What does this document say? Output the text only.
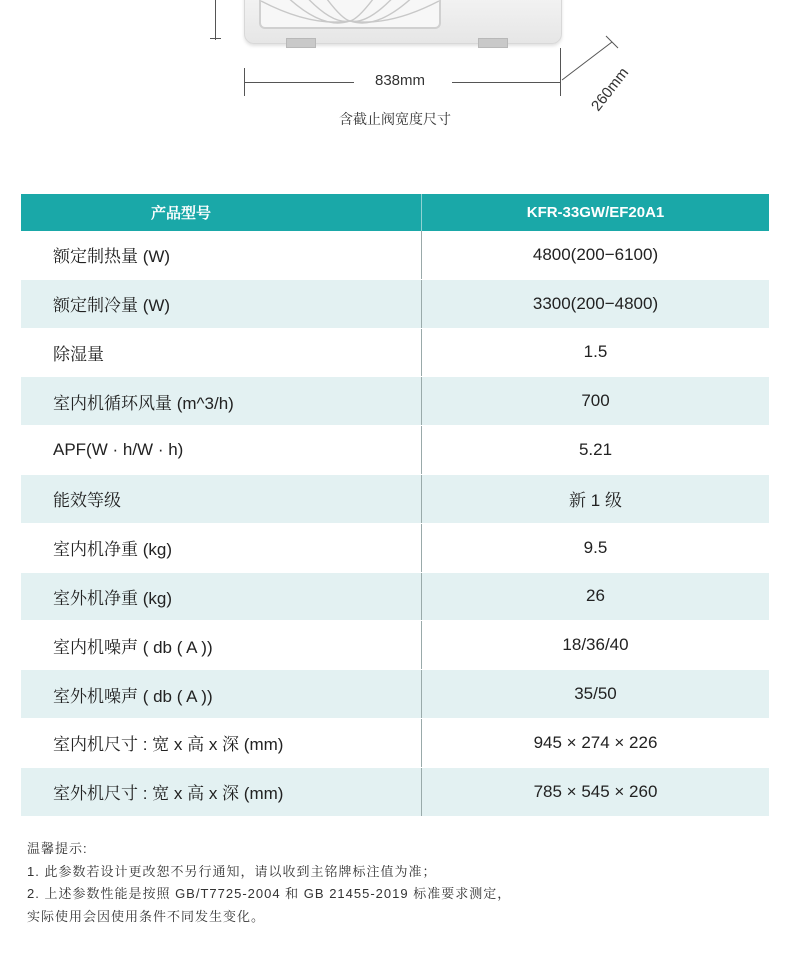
838mm	260mm
含截止阀宽度尺寸
产品型号	KFR-33GW/EF20A1
额定制热量 (W)	4800(200−6100)
额定制冷量 (W)	3300(200−4800)
除湿量	1.5
室内机循环风量 (m^3/h)	700
APF(W · h/W · h)	5.21
能效等级	新 1 级
室内机净重 (kg)	9.5
室外机净重 (kg)	26
室内机噪声 ( db ( A ))	18/36/40
室外机噪声 ( db ( A ))	35/50
室内机尺寸 : 宽 x 高 x 深 (mm)	945 × 274 × 226
室外机尺寸 : 宽 x 高 x 深 (mm)	785 × 545 × 260
温馨提示:
1. 此参数若设计更改恕不另行通知，请以收到主铭牌标注值为准；
2. 上述参数性能是按照 GB/T7725-2004 和 GB 21455-2019 标准要求测定，
实际使用会因使用条件不同发生变化。
